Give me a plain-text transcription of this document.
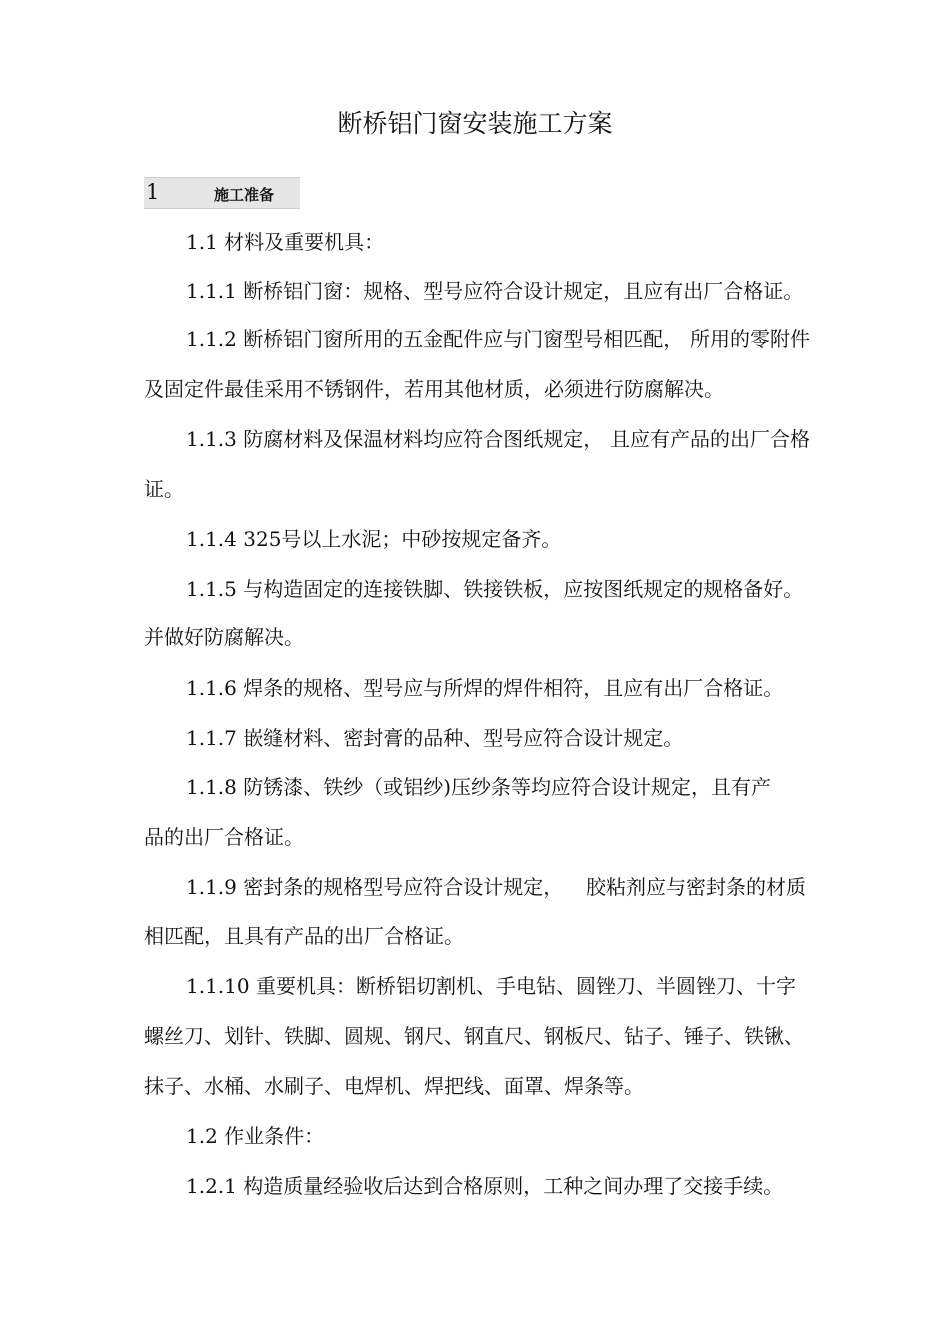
断桥铝门窗安装施工方案
1	施工准备
1.1 材料及重要机具：
1.1.1 断桥铝门窗：规格、型号应符合设计规定，且应有出厂合格证。
1.1.2 断桥铝门窗所用的五金配件应与门窗型号相匹配， 所用的零附件
及固定件最佳采用不锈钢件，若用其他材质，必须进行防腐解决。
1.1.3 防腐材料及保温材料均应符合图纸规定， 且应有产品的出厂合格
证。
1.1.4 325号以上水泥；中砂按规定备齐。
1.1.5 与构造固定的连接铁脚、铁接铁板，应按图纸规定的规格备好。
并做好防腐解决。
1.1.6 焊条的规格、型号应与所焊的焊件相符，且应有出厂合格证。
1.1.7 嵌缝材料、密封膏的品种、型号应符合设计规定。
1.1.8 防锈漆、铁纱（或铝纱)压纱条等均应符合设计规定，且有产
品的出厂合格证。
1.1.9 密封条的规格型号应符合设计规定， 胶粘剂应与密封条的材质
相匹配，且具有产品的出厂合格证。
1.1.10 重要机具：断桥铝切割机、手电钻、圆锉刀、半圆锉刀、十字
螺丝刀、划针、铁脚、圆规、钢尺、钢直尺、钢板尺、钻子、锤子、铁锹、
抹子、水桶、水刷子、电焊机、焊把线、面罩、焊条等。
1.2 作业条件：
1.2.1 构造质量经验收后达到合格原则，工种之间办理了交接手续。
